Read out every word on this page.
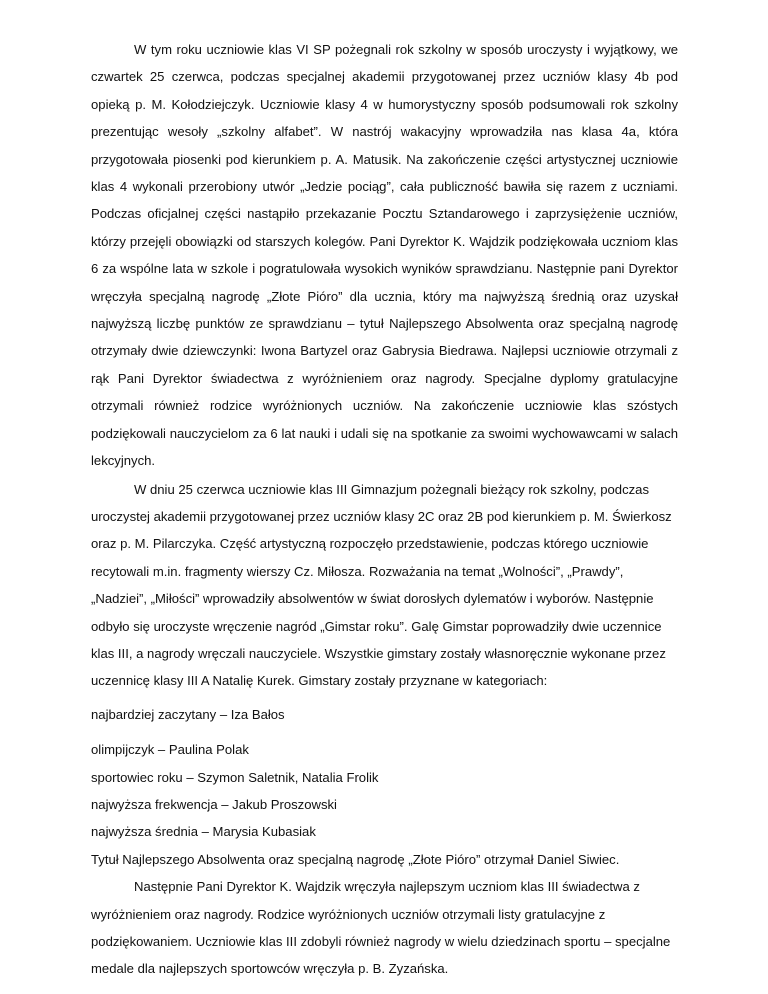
W tym roku uczniowie klas VI SP pożegnali rok szkolny w sposób uroczysty i wyjątkowy, we czwartek 25 czerwca, podczas specjalnej akademii przygotowanej przez uczniów klasy 4b pod opieką p. M. Kołodziejczyk. Uczniowie klasy 4 w humorystyczny sposób podsumowali rok szkolny prezentując wesoły „szkolny alfabet”. W nastrój wakacyjny wprowadziła nas klasa 4a, która przygotowała piosenki pod kierunkiem p. A. Matusik. Na zakończenie części artystycznej uczniowie klas 4 wykonali przerobiony utwór „Jedzie pociąg”, cała publiczność bawiła się razem z uczniami. Podczas oficjalnej części nastąpiło przekazanie Pocztu Sztandarowego i zaprzysiężenie uczniów, którzy przejęli obowiązki od starszych kolegów. Pani Dyrektor K. Wajdzik podziękowała uczniom klas 6 za wspólne lata w szkole i pogratulowała wysokich wyników sprawdzianu. Następnie pani Dyrektor wręczyła specjalną nagrodę „Złote Pióro” dla ucznia, który ma najwyższą średnią oraz uzyskał najwyższą liczbę punktów ze sprawdzianu – tytuł Najlepszego Absolwenta oraz specjalną nagrodę otrzymały dwie dziewczynki: Iwona Bartyzel oraz Gabrysia Biedrawa. Najlepsi uczniowie otrzymali z rąk Pani Dyrektor świadectwa z wyróżnieniem oraz nagrody. Specjalne dyplomy gratulacyjne otrzymali również rodzice wyróżnionych uczniów. Na zakończenie uczniowie klas szóstych podziękowali nauczycielom za 6 lat nauki i udali się na spotkanie za swoimi wychowawcami w salach lekcyjnych.

W dniu 25 czerwca uczniowie klas III Gimnazjum pożegnali bieżący rok szkolny, podczas uroczystej akademii przygotowanej przez uczniów klasy 2C oraz 2B pod kierunkiem p. M. Świerkosz oraz p. M. Pilarczyka. Część artystyczną rozpoczęło przedstawienie, podczas którego uczniowie recytowali m.in. fragmenty wierszy Cz. Miłosza. Rozważania na temat „Wolności”, „Prawdy”, „Nadziei”, „Miłości” wprowadziły absolwentów w świat dorosłych dylematów i wyborów. Następnie odbyło się uroczyste wręczenie nagród „Gimstar roku”. Galę Gimstar poprowadziły dwie uczennice klas III, a nagrody wręczali nauczyciele. Wszystkie gimstary zostały własnoręcznie wykonane przez uczennicę klasy III A Natalię Kurek. Gimstary zostały przyznane w kategoriach:

najbardziej zaczytany – Iza Bałos

olimpijczyk – Paulina Polak

sportowiec roku – Szymon Saletnik, Natalia Frolik

najwyższa frekwencja – Jakub Proszowski

najwyższa średnia – Marysia Kubasiak

Tytuł Najlepszego Absolwenta oraz specjalną nagrodę „Złote Pióro” otrzymał Daniel Siwiec.

Następnie Pani Dyrektor K. Wajdzik wręczyła najlepszym uczniom klas III świadectwa z wyróżnieniem oraz nagrody. Rodzice wyróżnionych uczniów otrzymali listy gratulacyjne z podziękowaniem. Uczniowie klas III zdobyli również nagrody w wielu dziedzinach sportu – specjalne medale dla najlepszych sportowców wręczyła p. B. Zyzańska.
